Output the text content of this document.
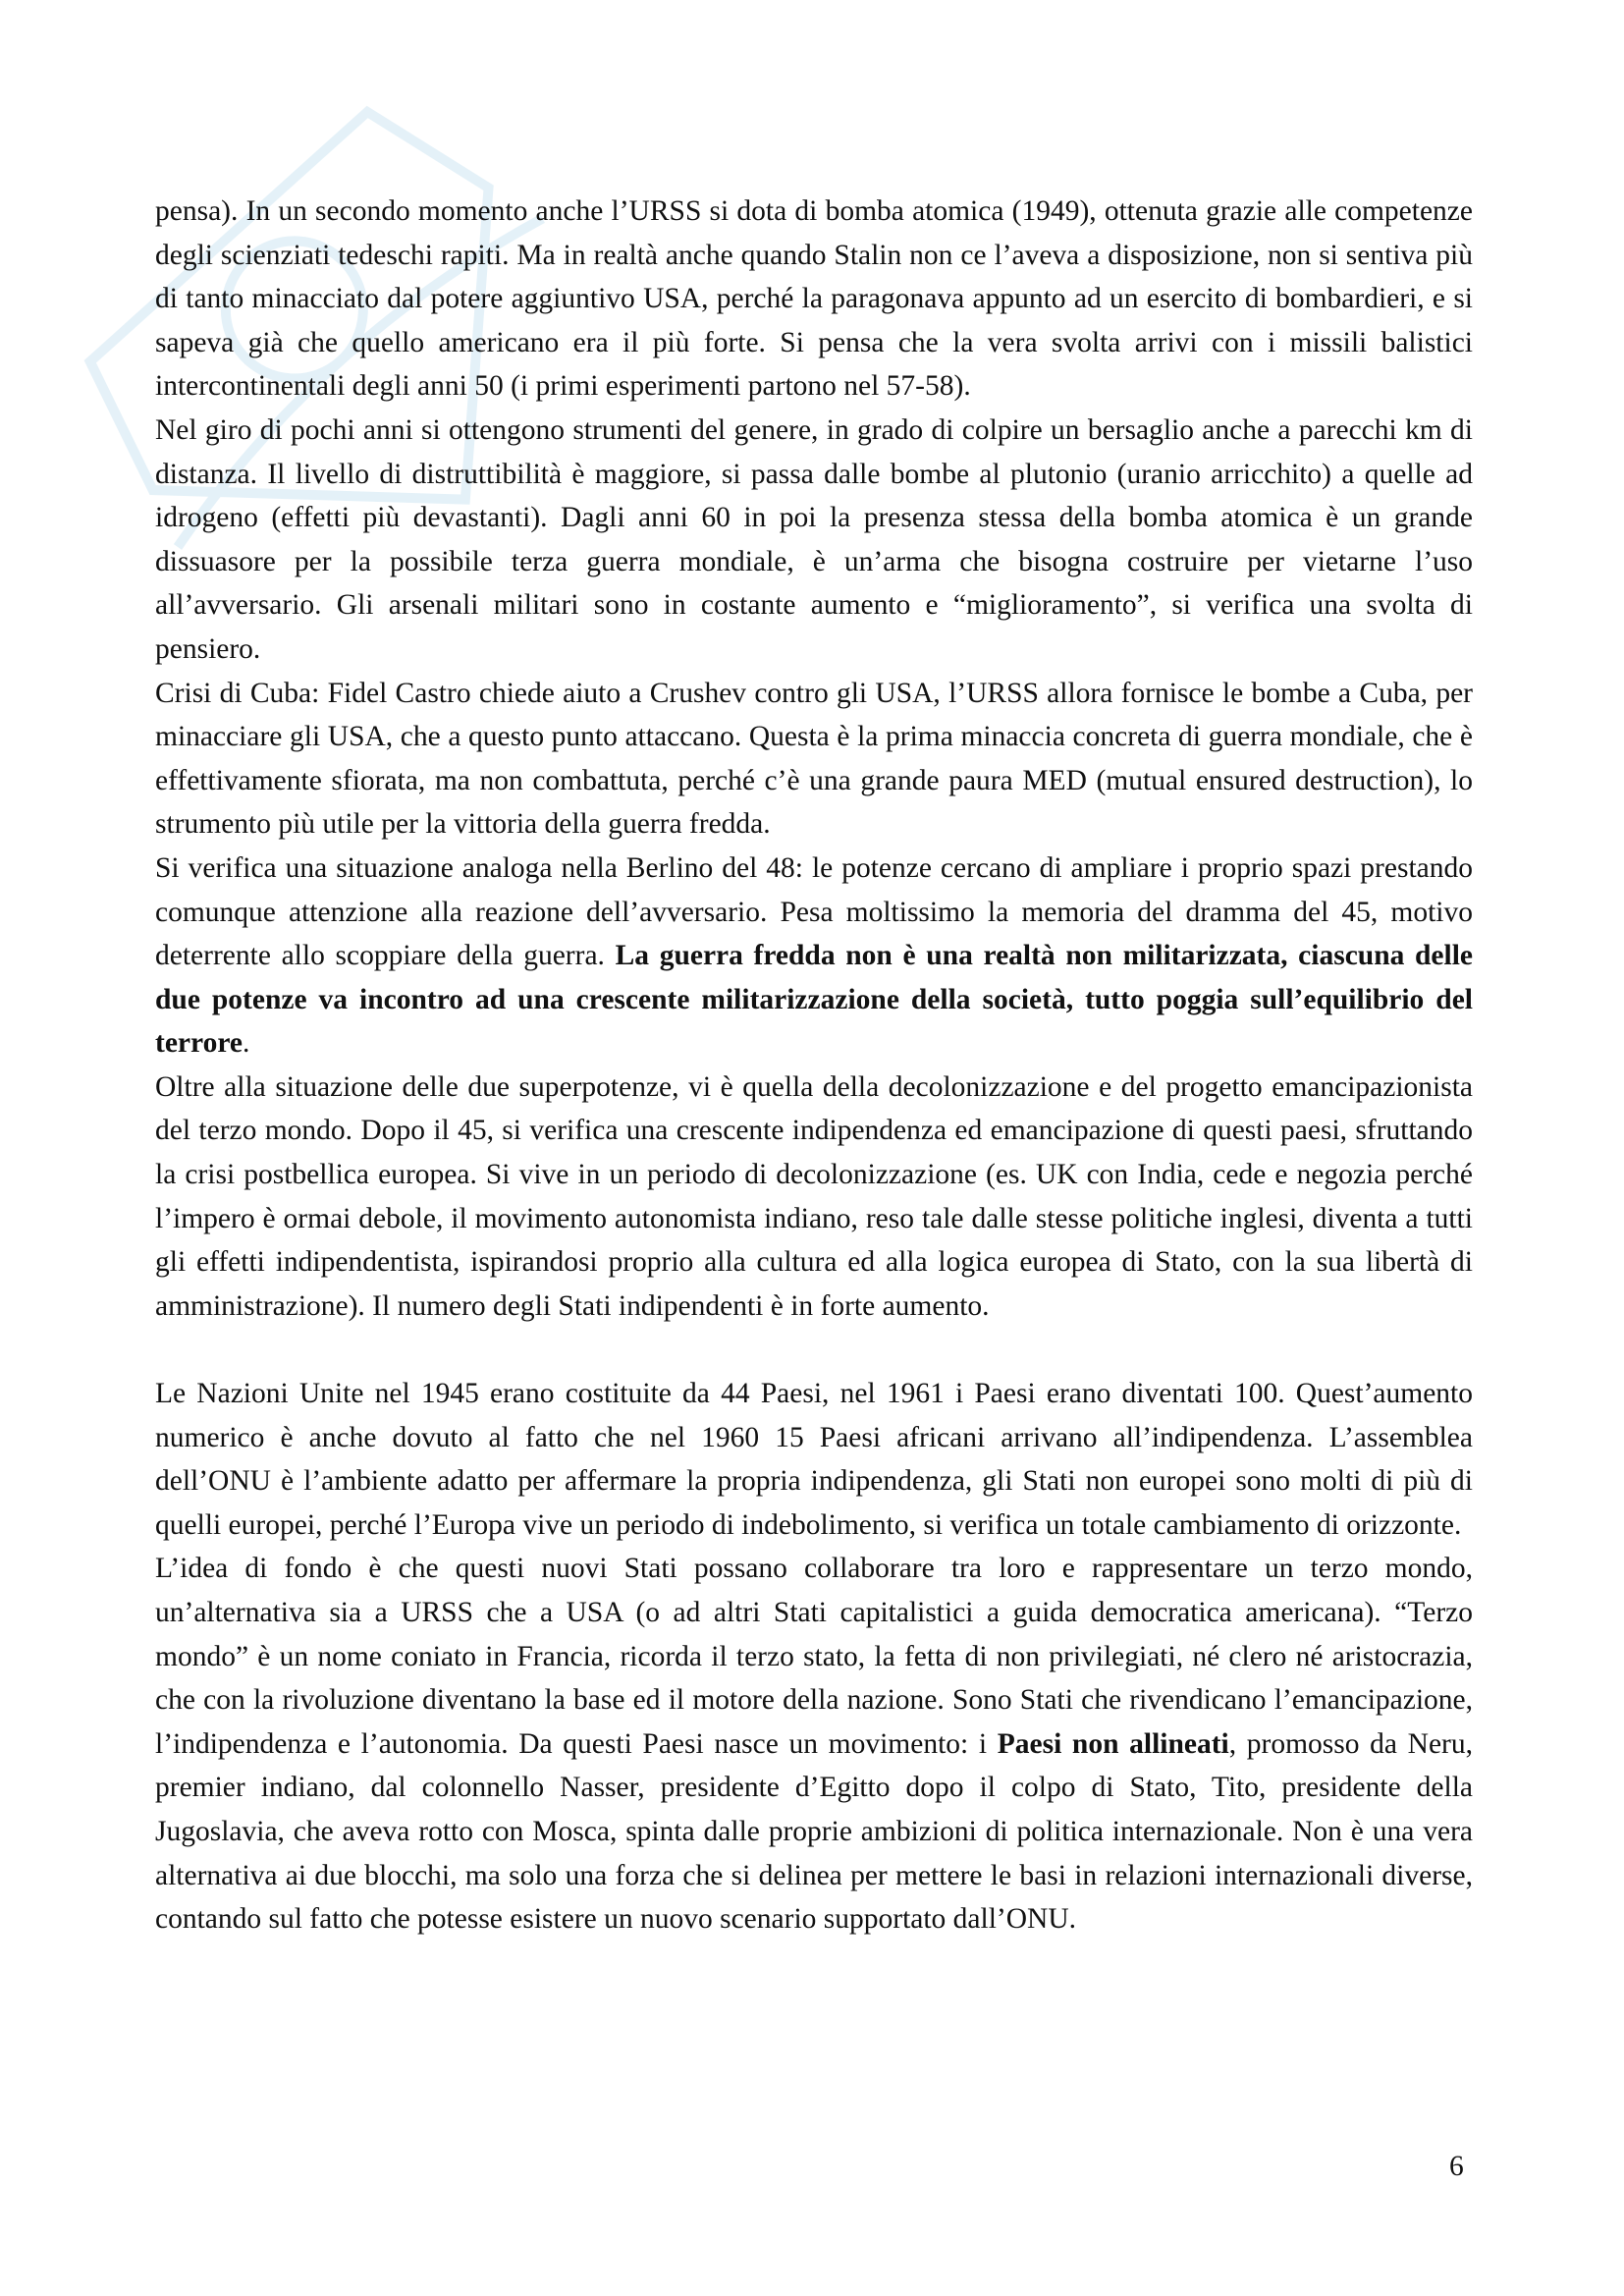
pensa). In un secondo momento anche l’URSS si dota di bomba atomica (1949), ottenuta grazie alle competenze degli scienziati tedeschi rapiti. Ma in realtà anche quando Stalin non ce l’aveva a disposizione, non si sentiva più di tanto minacciato dal potere aggiuntivo USA, perché la paragonava appunto ad un esercito di bombardieri, e si sapeva già che quello americano era il più forte. Si pensa che la vera svolta arrivi con i missili balistici intercontinentali degli anni 50 (i primi esperimenti partono nel 57-58).

Nel giro di pochi anni si ottengono strumenti del genere, in grado di colpire un bersaglio anche a parecchi km di distanza. Il livello di distruttibilità è maggiore, si passa dalle bombe al plutonio (uranio arricchito) a quelle ad idrogeno (effetti più devastanti). Dagli anni 60 in poi la presenza stessa della bomba atomica è un grande dissuasore per la possibile terza guerra mondiale, è un’arma che bisogna costruire per vietarne l’uso all’avversario. Gli arsenali militari sono in costante aumento e “miglioramento”, si verifica una svolta di pensiero.

Crisi di Cuba: Fidel Castro chiede aiuto a Crushev contro gli USA, l’URSS allora fornisce le bombe a Cuba, per minacciare gli USA, che a questo punto attaccano. Questa è la prima minaccia concreta di guerra mondiale, che è effettivamente sfiorata, ma non combattuta, perché c’è una grande paura MED (mutual ensured destruction), lo strumento più utile per la vittoria della guerra fredda.

Si verifica una situazione analoga nella Berlino del 48: le potenze cercano di ampliare i proprio spazi prestando comunque attenzione alla reazione dell’avversario. Pesa moltissimo la memoria del dramma del 45, motivo deterrente allo scoppiare della guerra. La guerra fredda non è una realtà non militarizzata, ciascuna delle due potenze va incontro ad una crescente militarizzazione della società, tutto poggia sull’equilibrio del terrore.

Oltre alla situazione delle due superpotenze, vi è quella della decolonizzazione e del progetto emancipazionista del terzo mondo. Dopo il 45, si verifica una crescente indipendenza ed emancipazione di questi paesi, sfruttando la crisi postbellica europea. Si vive in un periodo di decolonizzazione (es. UK con India, cede e negozia perché l’impero è ormai debole, il movimento autonomista indiano, reso tale dalle stesse politiche inglesi, diventa a tutti gli effetti indipendentista, ispirandosi proprio alla cultura ed alla logica europea di Stato, con la sua libertà di amministrazione). Il numero degli Stati indipendenti è in forte aumento.

Le Nazioni Unite nel 1945 erano costituite da 44 Paesi, nel 1961 i Paesi erano diventati 100. Quest’aumento numerico è anche dovuto al fatto che nel 1960 15 Paesi africani arrivano all’indipendenza. L’assemblea dell’ONU è l’ambiente adatto per affermare la propria indipendenza, gli Stati non europei sono molti di più di quelli europei, perché l’Europa vive un periodo di indebolimento, si verifica un totale cambiamento di orizzonte.

L’idea di fondo è che questi nuovi Stati possano collaborare tra loro e rappresentare un terzo mondo, un’alternativa sia a URSS che a USA (o ad altri Stati capitalistici a guida democratica americana). “Terzo mondo” è un nome coniato in Francia, ricorda il terzo stato, la fetta di non privilegiati, né clero né aristocrazia, che con la rivoluzione diventano la base ed il motore della nazione. Sono Stati che rivendicano l’emancipazione, l’indipendenza e l’autonomia. Da questi Paesi nasce un movimento: i Paesi non allineati, promosso da Neru, premier indiano, dal colonnello Nasser, presidente d’Egitto dopo il colpo di Stato, Tito, presidente della Jugoslavia, che aveva rotto con Mosca, spinta dalle proprie ambizioni di politica internazionale. Non è una vera alternativa ai due blocchi, ma solo una forza che si delinea per mettere le basi in relazioni internazionali diverse, contando sul fatto che potesse esistere un nuovo scenario supportato dall’ONU.

6
